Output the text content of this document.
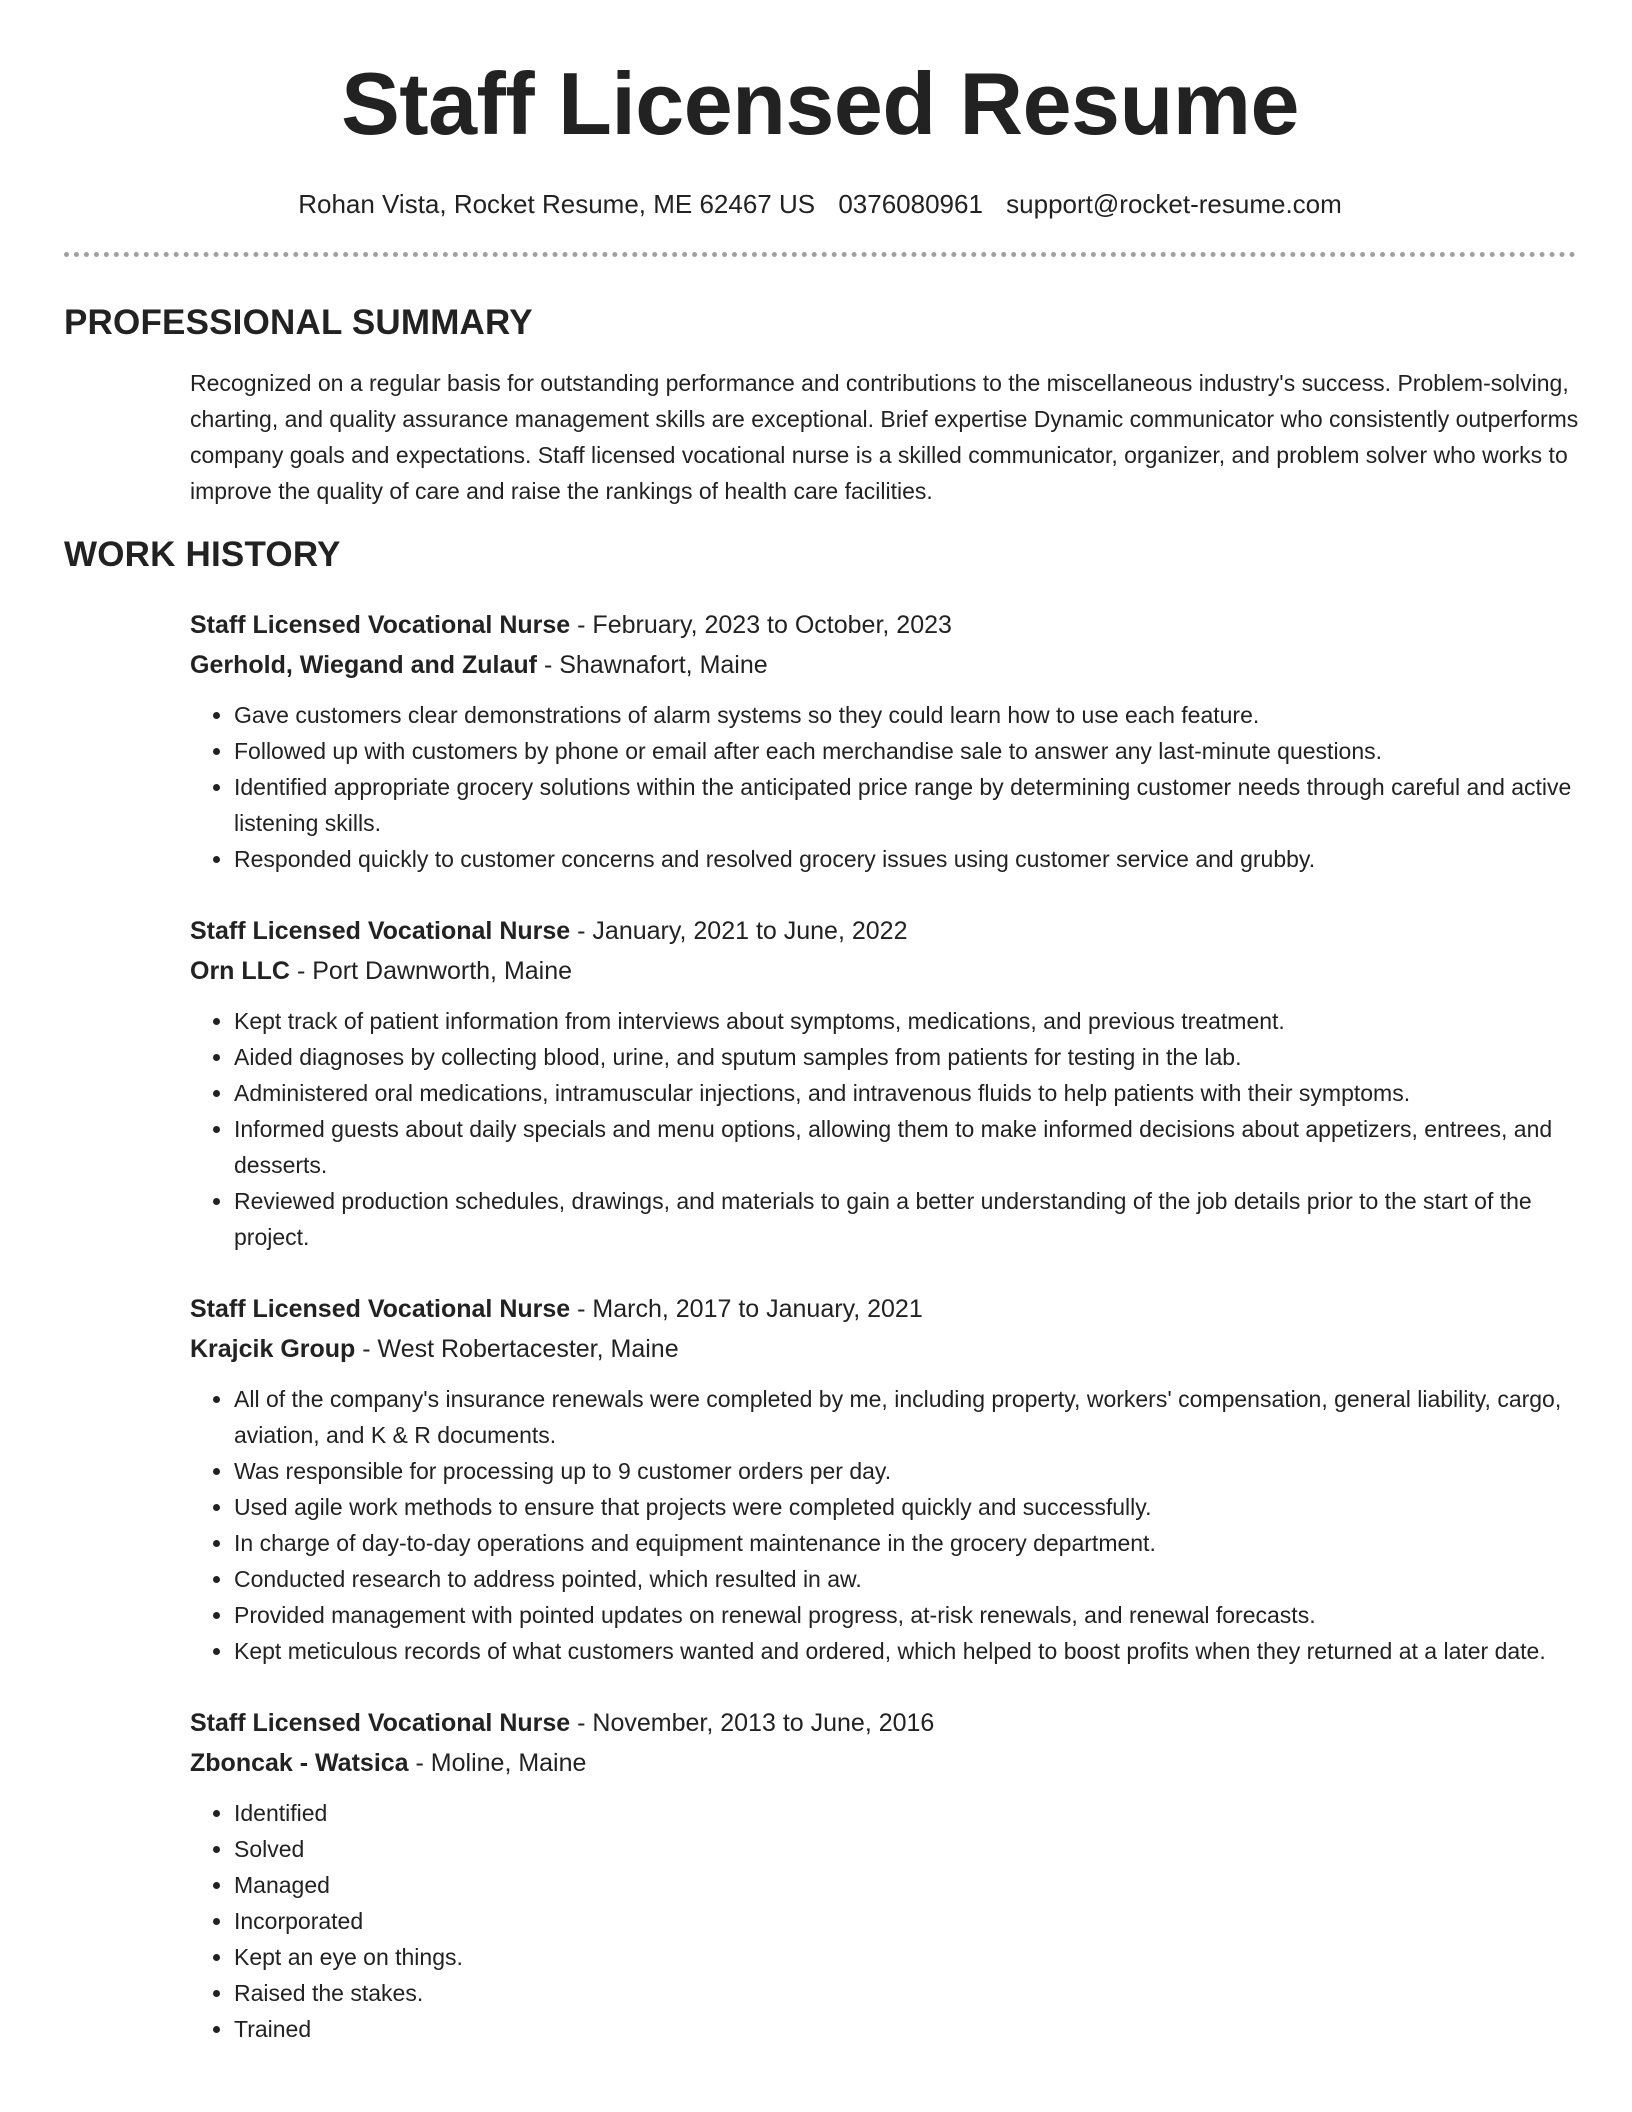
Staff Licensed Resume
Rohan Vista, Rocket Resume, ME 62467 US 0376080961 support@rocket-resume.com
PROFESSIONAL SUMMARY
Recognized on a regular basis for outstanding performance and contributions to the miscellaneous industry's success. Problem-solving, charting, and quality assurance management skills are exceptional. Brief expertise Dynamic communicator who consistently outperforms company goals and expectations. Staff licensed vocational nurse is a skilled communicator, organizer, and problem solver who works to improve the quality of care and raise the rankings of health care facilities.
WORK HISTORY
Staff Licensed Vocational Nurse - February, 2023 to October, 2023
Gerhold, Wiegand and Zulauf - Shawnafort, Maine
• Gave customers clear demonstrations of alarm systems so they could learn how to use each feature.
• Followed up with customers by phone or email after each merchandise sale to answer any last-minute questions.
• Identified appropriate grocery solutions within the anticipated price range by determining customer needs through careful and active listening skills.
• Responded quickly to customer concerns and resolved grocery issues using customer service and grubby.
Staff Licensed Vocational Nurse - January, 2021 to June, 2022
Orn LLC - Port Dawnworth, Maine
• Kept track of patient information from interviews about symptoms, medications, and previous treatment.
• Aided diagnoses by collecting blood, urine, and sputum samples from patients for testing in the lab.
• Administered oral medications, intramuscular injections, and intravenous fluids to help patients with their symptoms.
• Informed guests about daily specials and menu options, allowing them to make informed decisions about appetizers, entrees, and desserts.
• Reviewed production schedules, drawings, and materials to gain a better understanding of the job details prior to the start of the project.
Staff Licensed Vocational Nurse - March, 2017 to January, 2021
Krajcik Group - West Robertacester, Maine
• All of the company's insurance renewals were completed by me, including property, workers' compensation, general liability, cargo, aviation, and K & R documents.
• Was responsible for processing up to 9 customer orders per day.
• Used agile work methods to ensure that projects were completed quickly and successfully.
• In charge of day-to-day operations and equipment maintenance in the grocery department.
• Conducted research to address pointed, which resulted in aw.
• Provided management with pointed updates on renewal progress, at-risk renewals, and renewal forecasts.
• Kept meticulous records of what customers wanted and ordered, which helped to boost profits when they returned at a later date.
Staff Licensed Vocational Nurse - November, 2013 to June, 2016
Zboncak - Watsica - Moline, Maine
• Identified
• Solved
• Managed
• Incorporated
• Kept an eye on things.
• Raised the stakes.
• Trained
